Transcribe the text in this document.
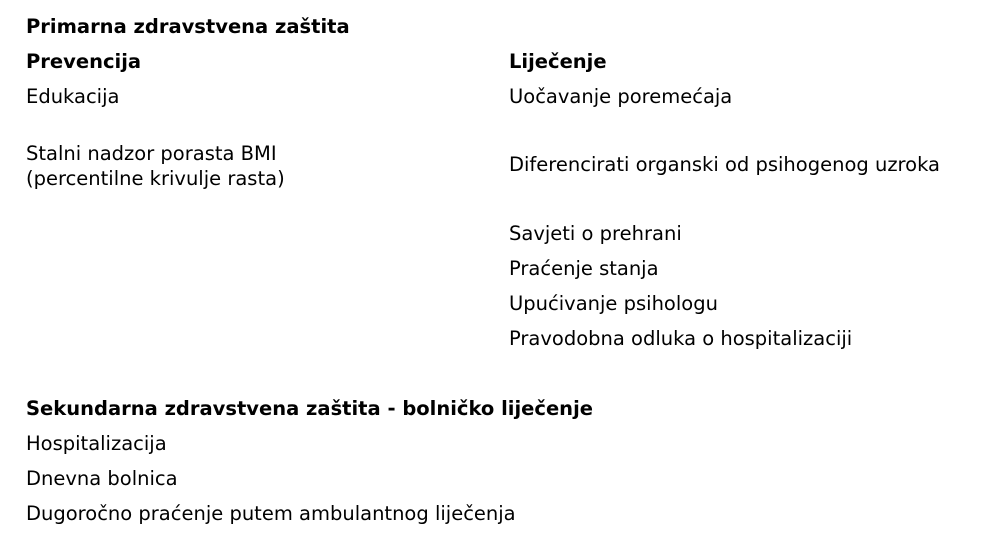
Primarna zdravstvena zaštita
Prevencija	Liječenje
Edukacija
Stalni nadzor porasta BMI
(percentilne krivulje rasta)
Uočavanje poremećaja
Diferencirati organski od psihogenog uzroka
Savjeti o prehrani
Praćenje stanja
Upućivanje psihologu
Pravodobna odluka o hospitalizaciji
Sekundarna zdravstvena zaštita - bolničko liječenje
Hospitalizacija
Dnevna bolnica
Dugoročno praćenje putem ambulantnog liječenja
